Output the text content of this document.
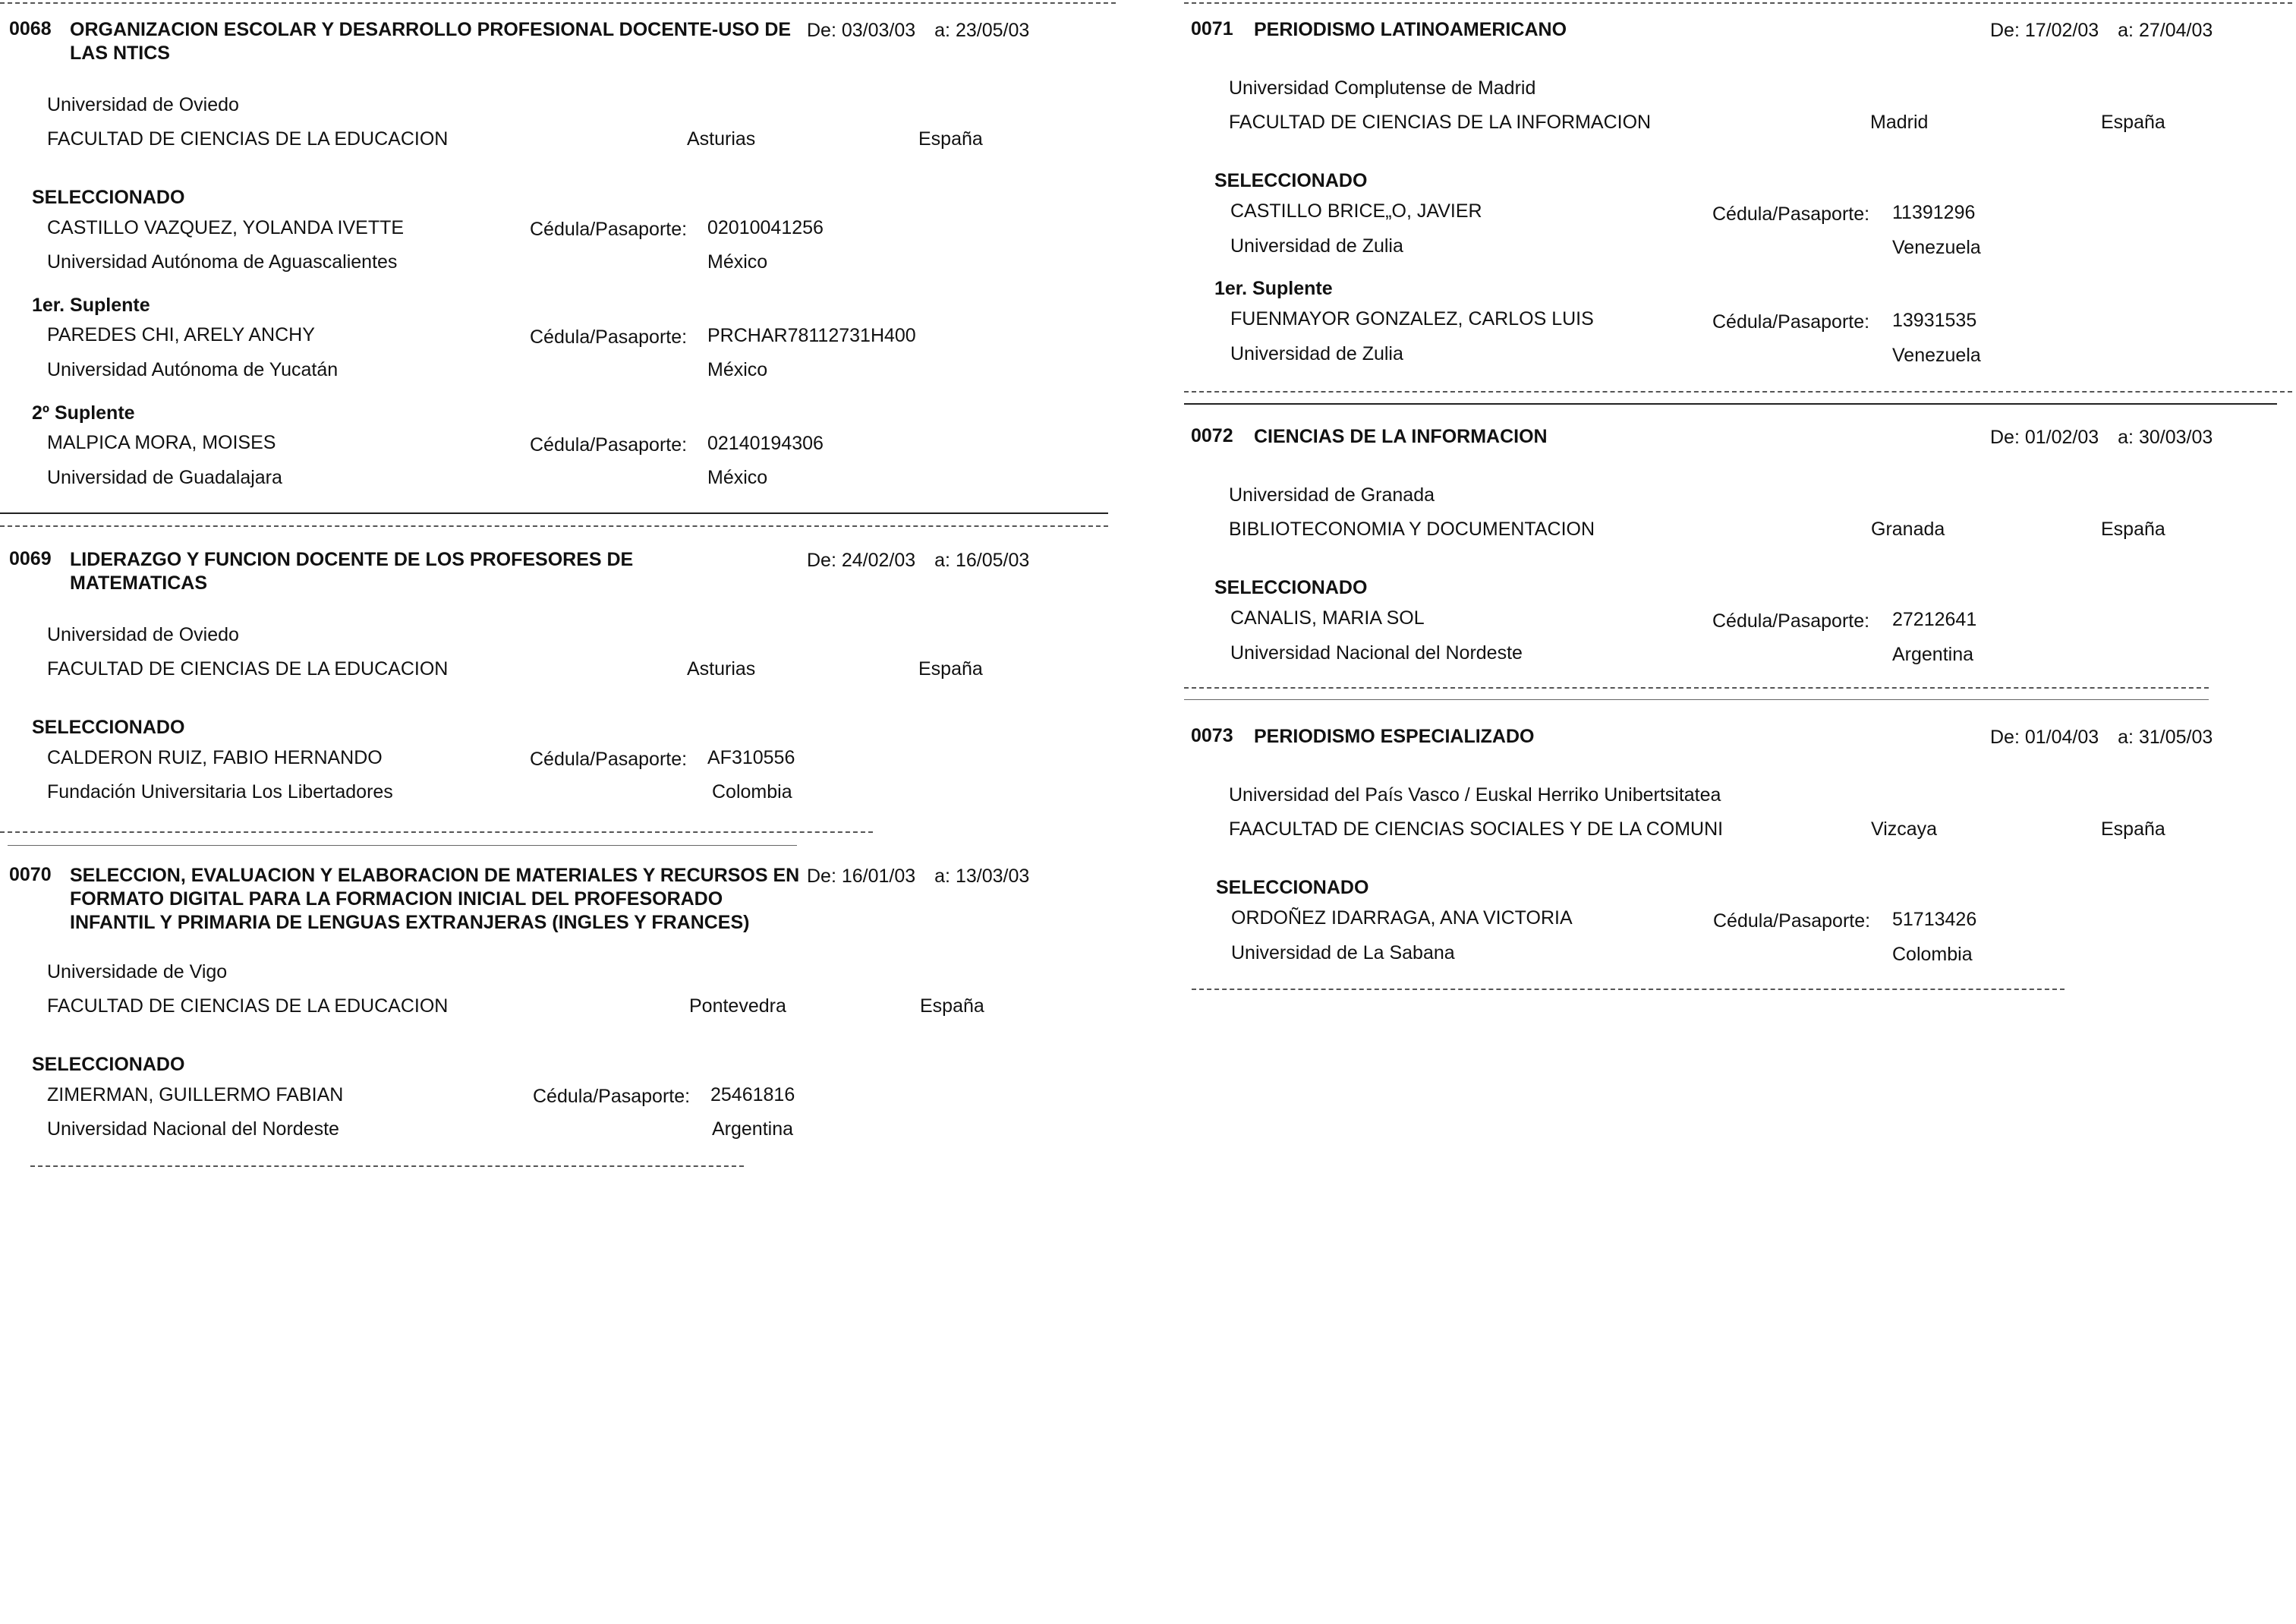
0068 ORGANIZACION ESCOLAR Y DESARROLLO PROFESIONAL DOCENTE-USO DE LAS NTICS
De: 03/03/03 a: 23/05/03
Universidad de Oviedo
FACULTAD DE CIENCIAS DE LA EDUCACION	Asturias	España
SELECCIONADO
CASTILLO VAZQUEZ, YOLANDA IVETTE	Cédula/Pasaporte: 02010041256
Universidad Autónoma de Aguascalientes	México
1er. Suplente
PAREDES CHI, ARELY ANCHY	Cédula/Pasaporte: PRCHAR78112731H400
Universidad Autónoma de Yucatán	México
2º Suplente
MALPICA MORA, MOISES	Cédula/Pasaporte: 02140194306
Universidad de Guadalajara	México
0069 LIDERAZGO Y FUNCION DOCENTE DE LOS PROFESORES DE MATEMATICAS
De: 24/02/03 a: 16/05/03
Universidad de Oviedo
FACULTAD DE CIENCIAS DE LA EDUCACION	Asturias	España
SELECCIONADO
CALDERON RUIZ, FABIO HERNANDO	Cédula/Pasaporte: AF310556
Fundación Universitaria Los Libertadores	Colombia
0070 SELECCION, EVALUACION Y ELABORACION DE MATERIALES Y RECURSOS EN FORMATO DIGITAL PARA LA FORMACION INICIAL DEL PROFESORADO INFANTIL Y PRIMARIA DE LENGUAS EXTRANJERAS (INGLES Y FRANCES)
De: 16/01/03 a: 13/03/03
Universidade de Vigo
FACULTAD DE CIENCIAS DE LA EDUCACION	Pontevedra	España
SELECCIONADO
ZIMERMAN, GUILLERMO FABIAN	Cédula/Pasaporte: 25461816
Universidad Nacional del Nordeste	Argentina
0071 PERIODISMO LATINOAMERICANO	De: 17/02/03 a: 27/04/03
Universidad Complutense de Madrid
FACULTAD DE CIENCIAS DE LA INFORMACION	Madrid	España
SELECCIONADO
CASTILLO BRICE„O, JAVIER	Cédula/Pasaporte: 11391296
Universidad de Zulia	Venezuela
1er. Suplente
FUENMAYOR GONZALEZ, CARLOS LUIS	Cédula/Pasaporte: 13931535
Universidad de Zulia	Venezuela
0072 CIENCIAS DE LA INFORMACION	De: 01/02/03 a: 30/03/03
Universidad de Granada
BIBLIOTECONOMIA Y DOCUMENTACION	Granada	España
SELECCIONADO
CANALIS, MARIA SOL	Cédula/Pasaporte: 27212641
Universidad Nacional del Nordeste	Argentina
0073 PERIODISMO ESPECIALIZADO	De: 01/04/03 a: 31/05/03
Universidad del País Vasco / Euskal Herriko Unibertsitatea
FAACULTAD DE CIENCIAS SOCIALES Y DE LA COMUNI	Vizcaya	España
SELECCIONADO
ORDOÑEZ IDARRAGA, ANA VICTORIA	Cédula/Pasaporte: 51713426
Universidad de La Sabana	Colombia
